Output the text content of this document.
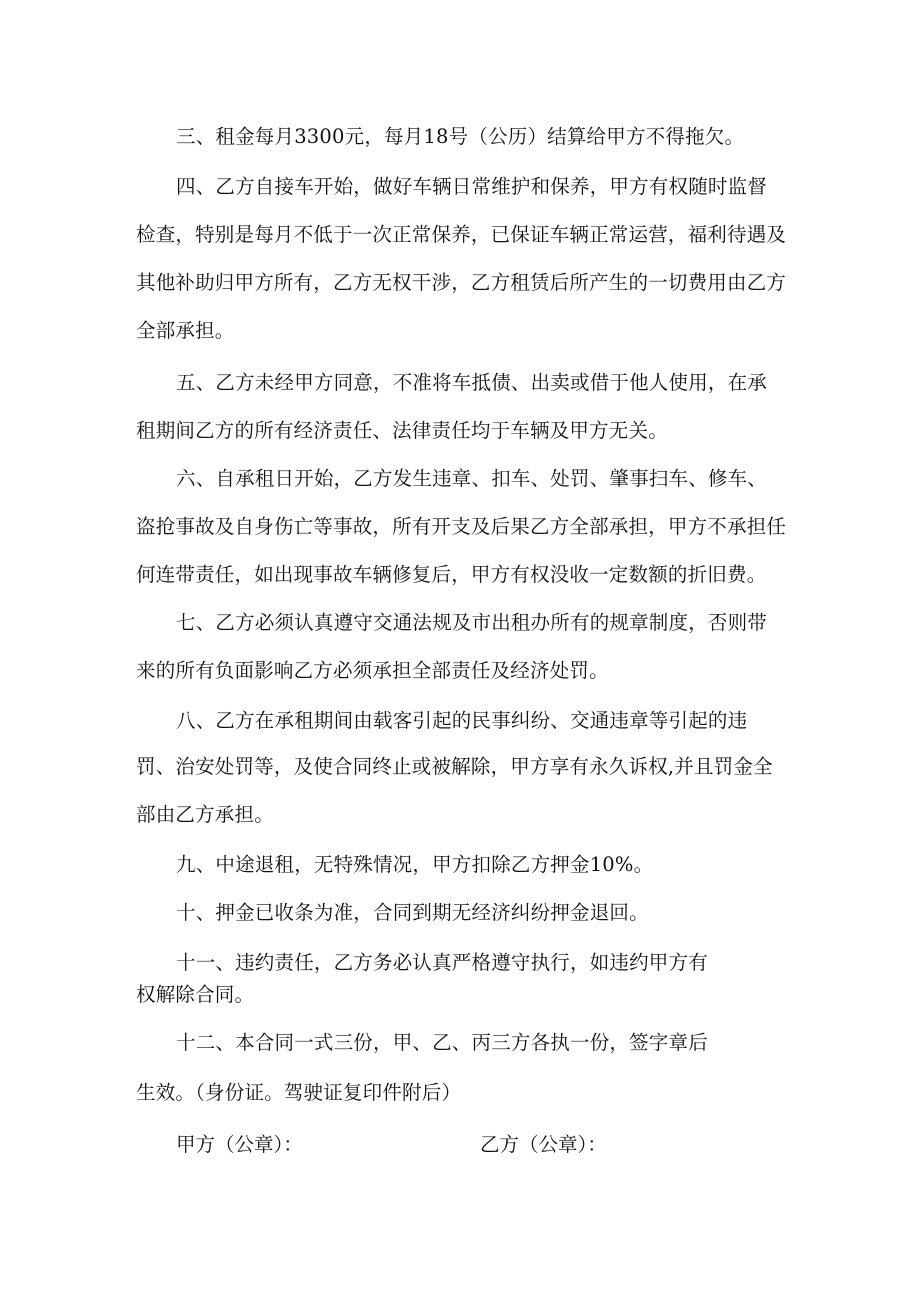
三、租金每月3300元，每月18号（公历）结算给甲方不得拖欠。
四、乙方自接车开始，做好车辆日常维护和保养，甲方有权随时监督
检查，特别是每月不低于一次正常保养，已保证车辆正常运营，福利待遇及
其他补助归甲方所有，乙方无权干涉，乙方租赁后所产生的一切费用由乙方
全部承担。
五、乙方未经甲方同意，不准将车抵债、出卖或借于他人使用，在承
租期间乙方的所有经济责任、法律责任均于车辆及甲方无关。
六、自承租日开始，乙方发生违章、扣车、处罚、肇事扫车、修车、
盗抢事故及自身伤亡等事故，所有开支及后果乙方全部承担，甲方不承担任
何连带责任，如出现事故车辆修复后，甲方有权没收一定数额的折旧费。
七、乙方必须认真遵守交通法规及市出租办所有的规章制度，否则带
来的所有负面影响乙方必须承担全部责任及经济处罚。
八、乙方在承租期间由载客引起的民事纠纷、交通违章等引起的违
罚、治安处罚等，及使合同终止或被解除，甲方享有永久诉权,并且罚金全
部由乙方承担。
九、中途退租，无特殊情况，甲方扣除乙方押金10%。
十、押金已收条为准，合同到期无经济纠纷押金退回。
十一、违约责任，乙方务必认真严格遵守执行，如违约甲方有
权解除合同。
十二、本合同一式三份，甲、乙、丙三方各执一份，签字章后
生效。（身份证。驾驶证复印件附后）
甲方（公章）：	乙方（公章）：
